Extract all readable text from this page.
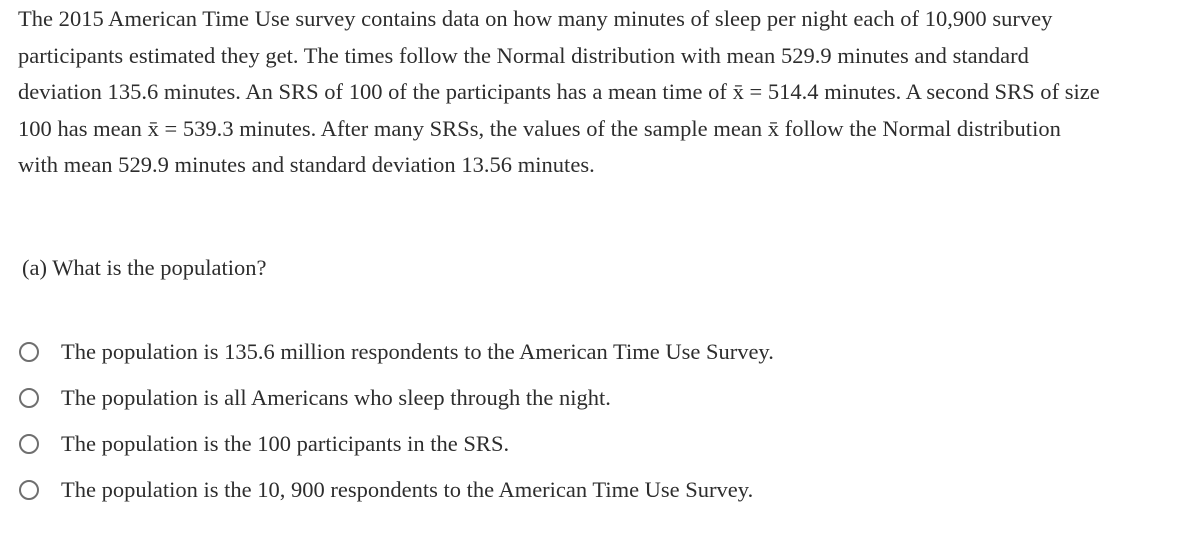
The 2015 American Time Use survey contains data on how many minutes of sleep per night each of 10,900 survey
participants estimated they get. The times follow the Normal distribution with mean 529.9 minutes and standard
deviation 135.6 minutes. An SRS of 100 of the participants has a mean time of x̄ = 514.4 minutes. A second SRS of size
100 has mean x̄ = 539.3 minutes. After many SRSs, the values of the sample mean x̄ follow the Normal distribution
with mean 529.9 minutes and standard deviation 13.56 minutes.
(a) What is the population?
The population is 135.6 million respondents to the American Time Use Survey.
The population is all Americans who sleep through the night.
The population is the 100 participants in the SRS.
The population is the 10, 900 respondents to the American Time Use Survey.
